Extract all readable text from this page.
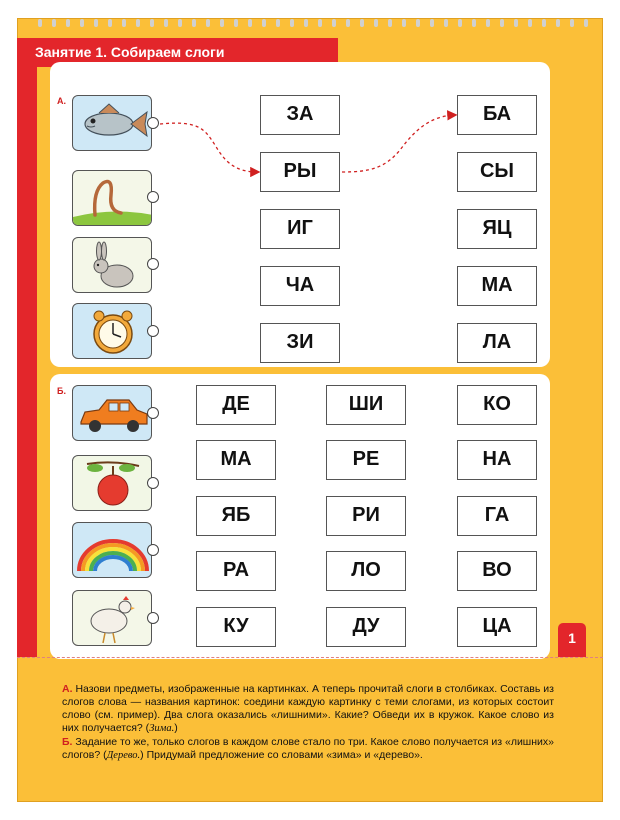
Занятие 1. Собираем слоги
А.
ЗА
РЫ
ИГ
ЧА
ЗИ
БА
СЫ
ЯЦ
МА
ЛА
Б.
ДЕ
МА
ЯБ
РА
КУ
ШИ
РЕ
РИ
ЛО
ДУ
КО
НА
ГА
ВО
ЦА
1

А. Назови предметы, изображенные на картинках. А теперь прочитай слоги в столбиках. Составь из слогов слова — названия картинок: соедини каждую картинку с теми слогами, из которых состоит слово (см. пример). Два слога оказались «лишними». Какие? Обведи их в кружок. Какое слово из них получается? (Зима.)

Б. Задание то же, только слогов в каждом слове стало по три. Какое слово получается из «лишних» слогов? (Дерево.) Придумай предложение со словами «зима» и «дерево».
